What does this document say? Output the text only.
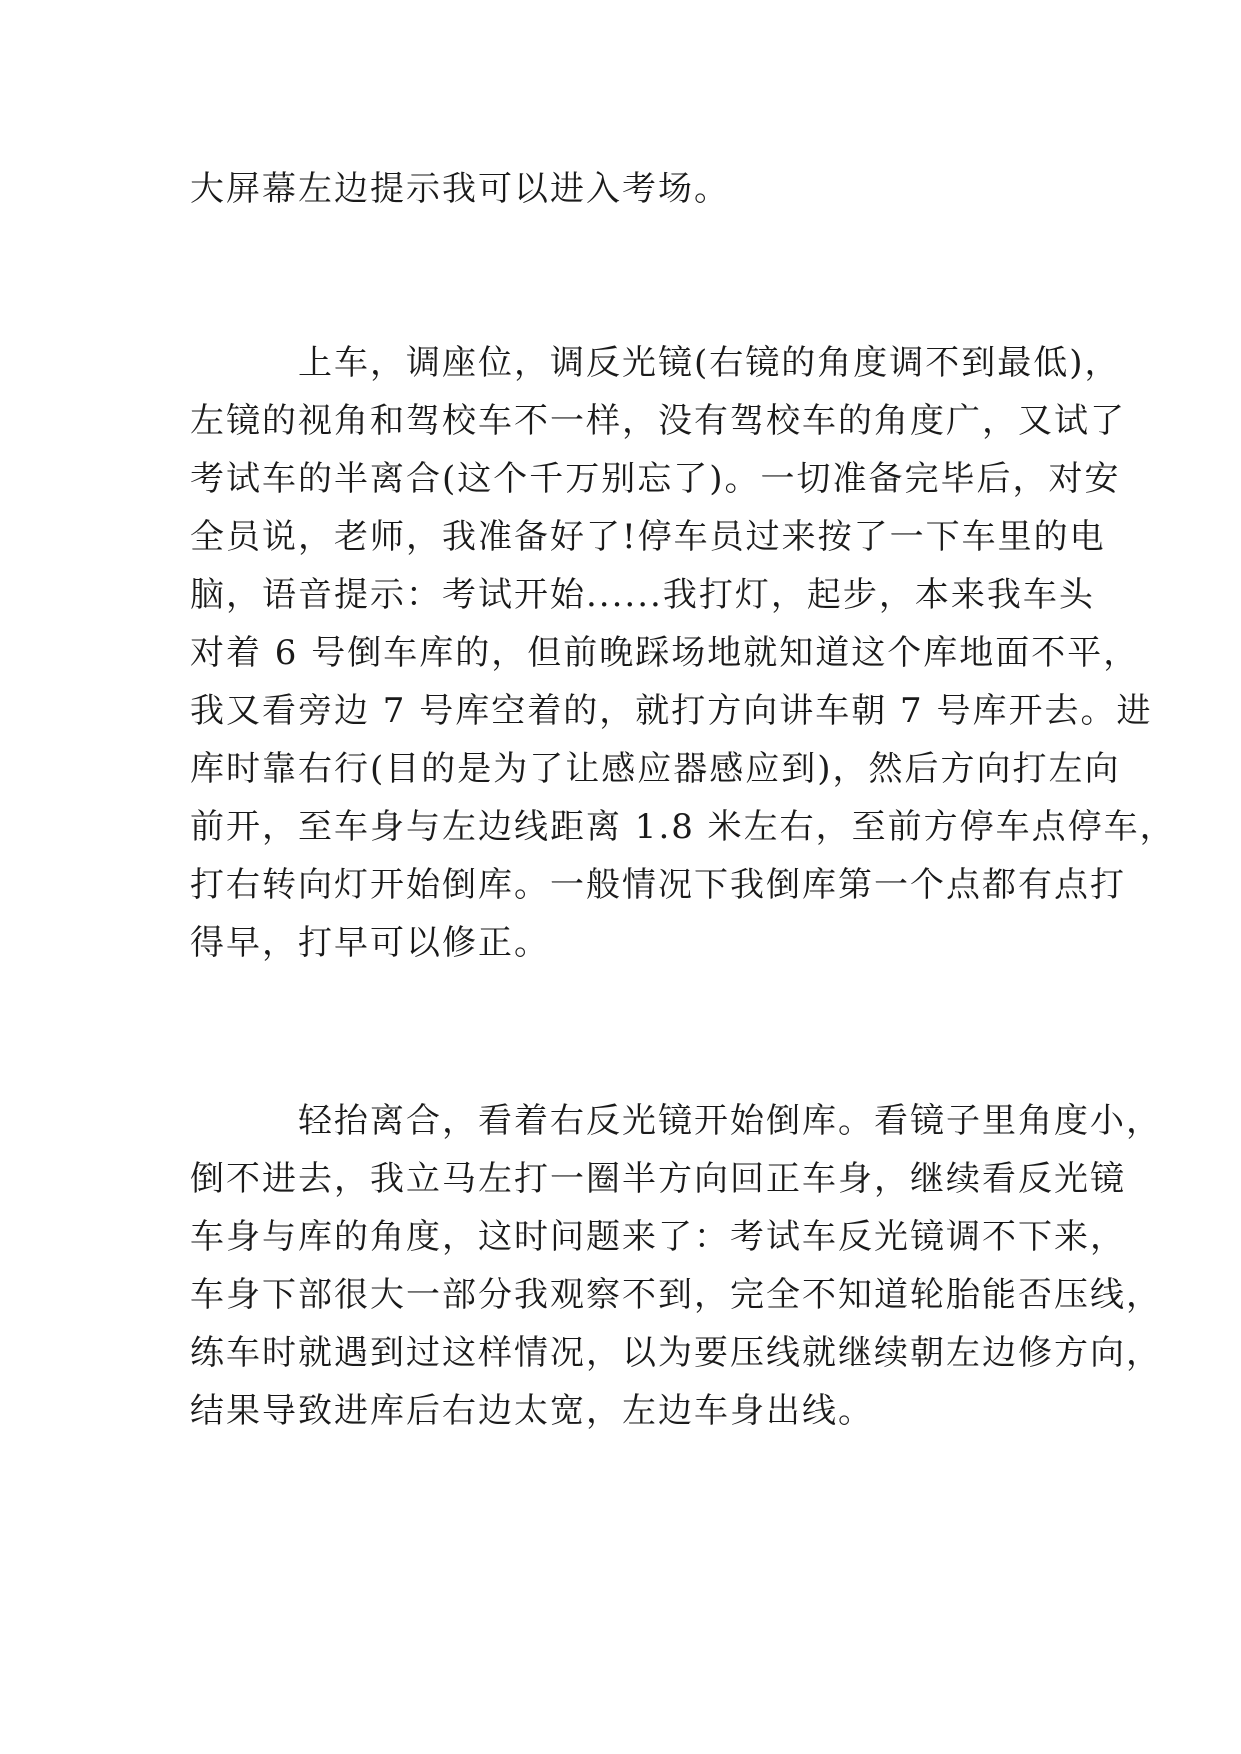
大屏幕左边提示我可以进入考场。

上车，调座位，调反光镜(右镜的角度调不到最低)，
左镜的视角和驾校车不一样，没有驾校车的角度广，又试了
考试车的半离合(这个千万别忘了)。一切准备完毕后，对安
全员说，老师，我准备好了!停车员过来按了一下车里的电
脑，语音提示：考试开始......我打灯，起步，本来我车头
对着 6 号倒车库的，但前晚踩场地就知道这个库地面不平，
我又看旁边 7 号库空着的，就打方向讲车朝 7 号库开去。进
库时靠右行(目的是为了让感应器感应到)，然后方向打左向
前开，至车身与左边线距离 1.8 米左右，至前方停车点停车，
打右转向灯开始倒库。一般情况下我倒库第一个点都有点打
得早，打早可以修正。

轻抬离合，看着右反光镜开始倒库。看镜子里角度小，
倒不进去，我立马左打一圈半方向回正车身，继续看反光镜
车身与库的角度，这时问题来了：考试车反光镜调不下来，
车身下部很大一部分我观察不到，完全不知道轮胎能否压线，
练车时就遇到过这样情况，以为要压线就继续朝左边修方向，
结果导致进库后右边太宽，左边车身出线。
